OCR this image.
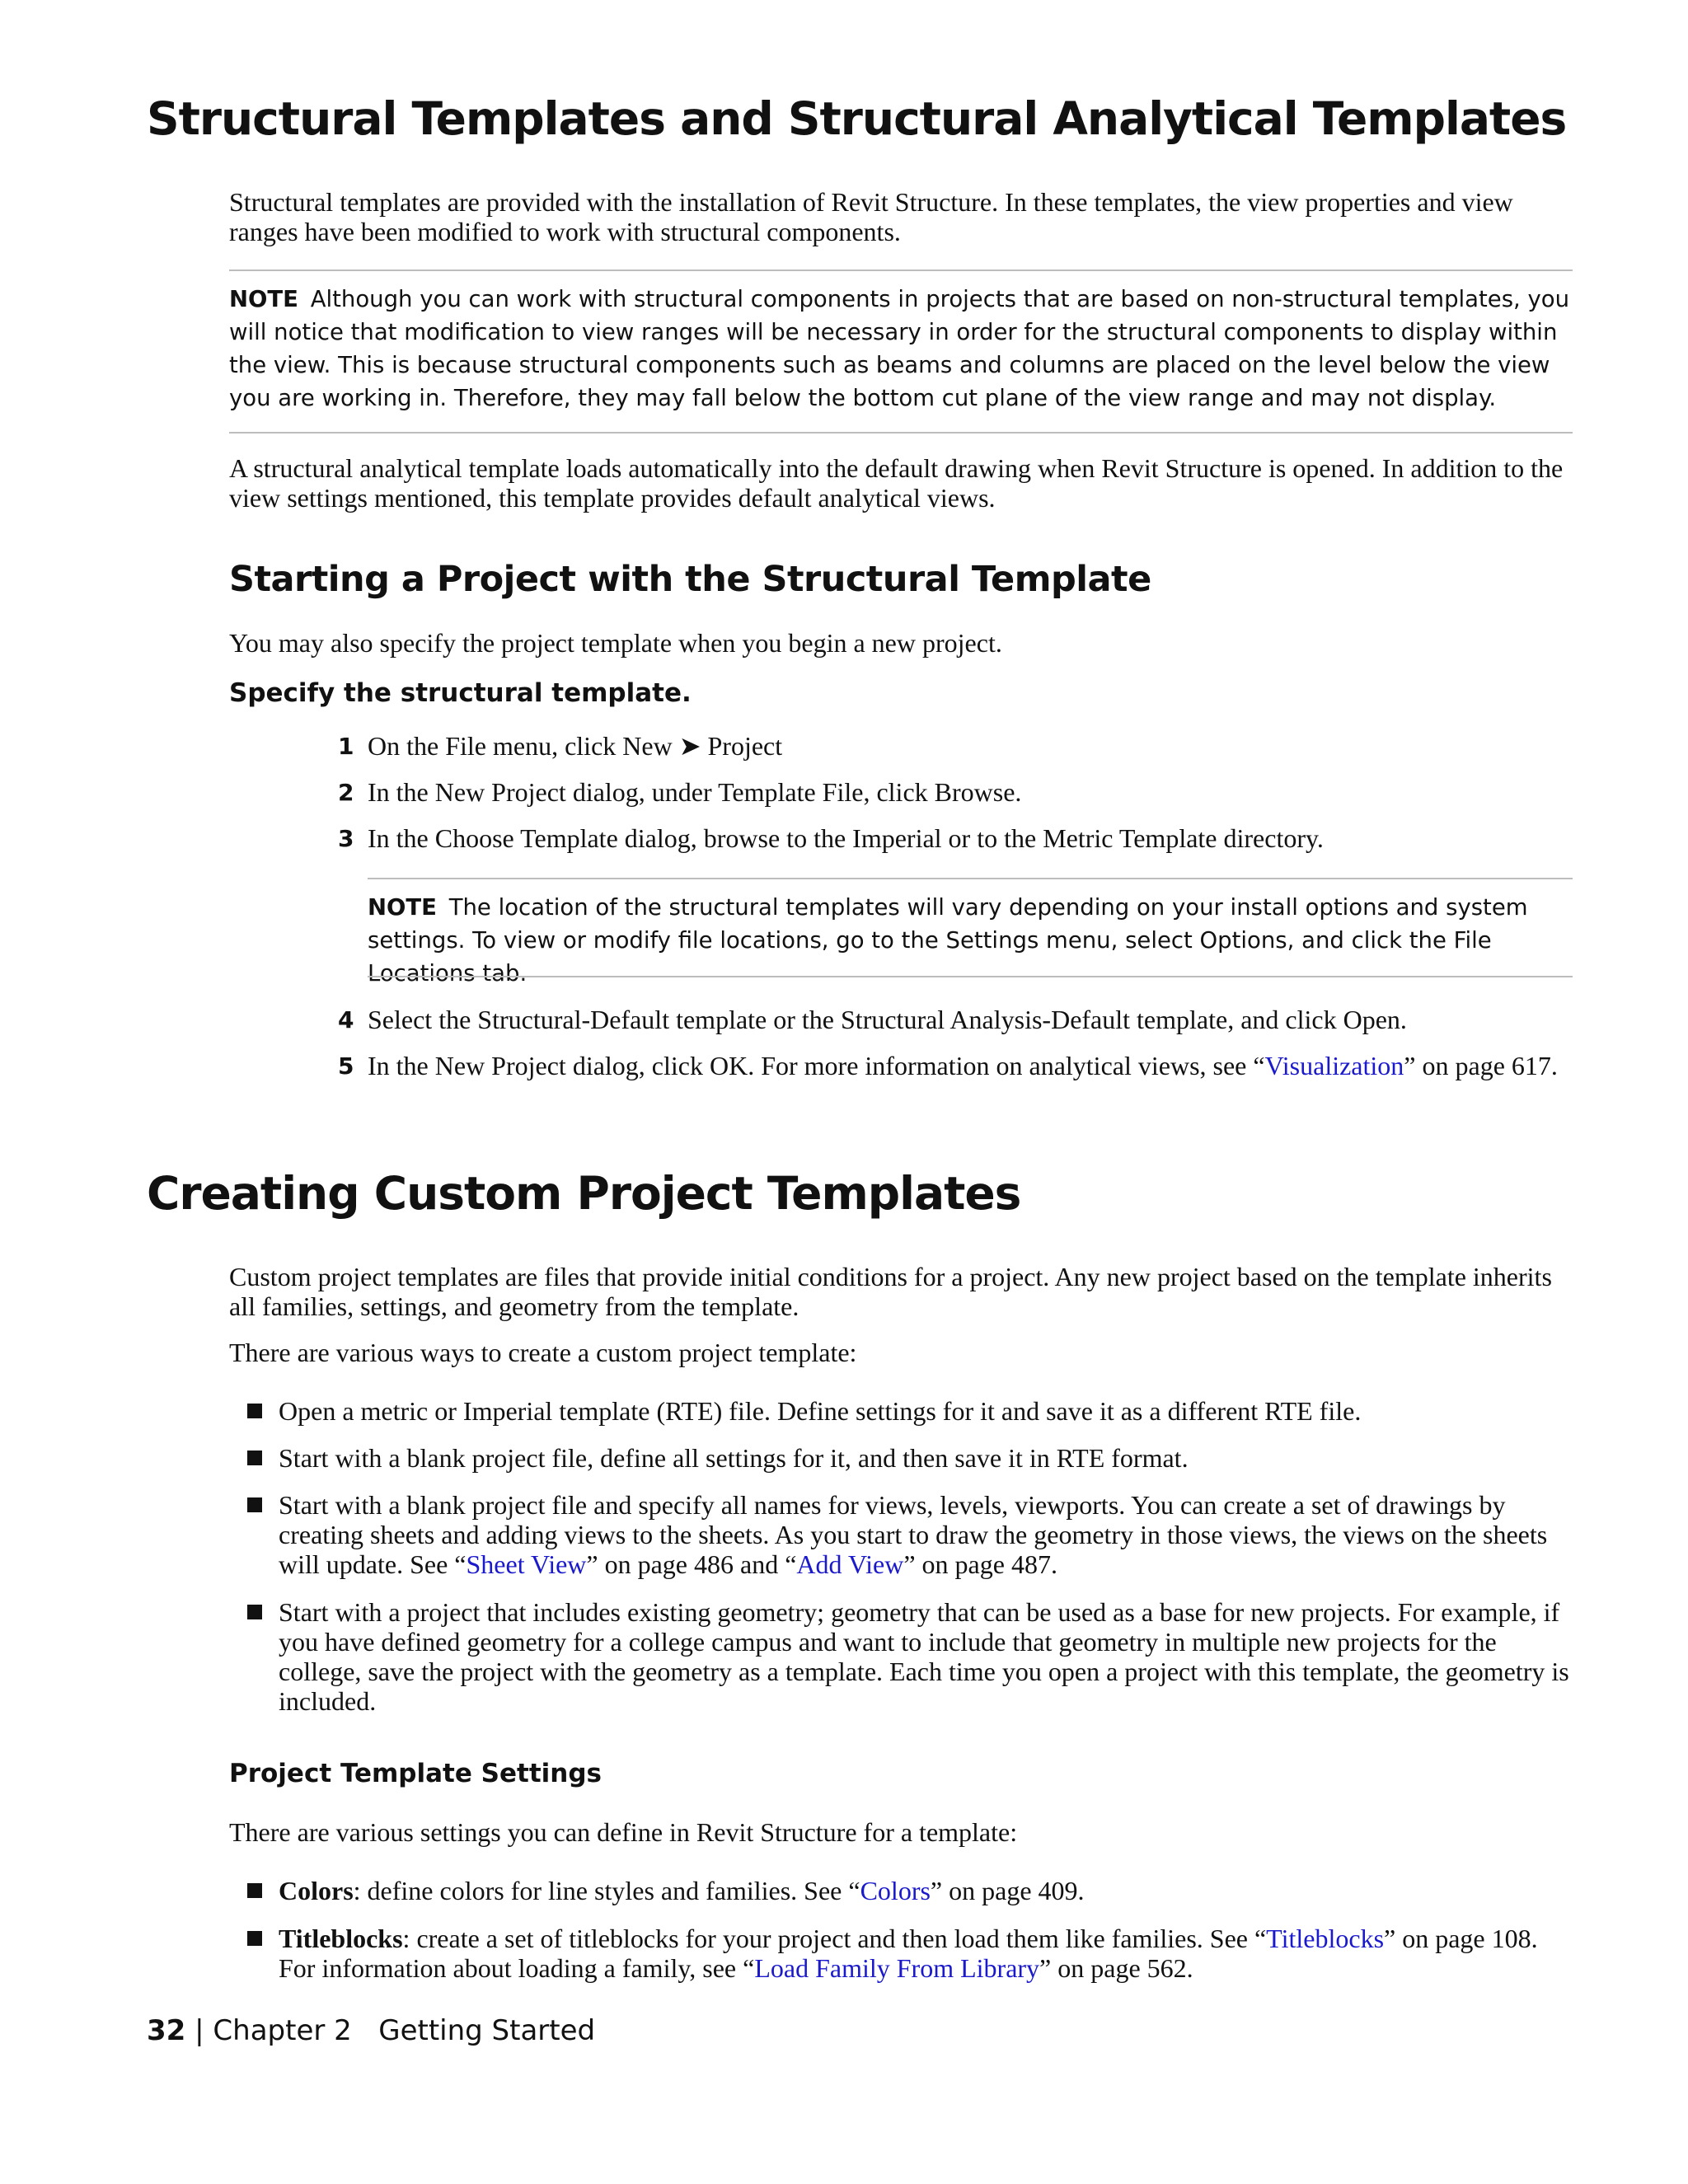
Structural Templates and Structural Analytical Templates

Structural templates are provided with the installation of Revit Structure. In these templates, the view properties and view ranges have been modified to work with structural components.

NOTE Although you can work with structural components in projects that are based on non-structural templates, you will notice that modification to view ranges will be necessary in order for the structural components to display within the view. This is because structural components such as beams and columns are placed on the level below the view you are working in. Therefore, they may fall below the bottom cut plane of the view range and may not display.

A structural analytical template loads automatically into the default drawing when Revit Structure is opened. In addition to the view settings mentioned, this template provides default analytical views.

Starting a Project with the Structural Template

You may also specify the project template when you begin a new project.

Specify the structural template.
1 On the File menu, click New ➤ Project
2 In the New Project dialog, under Template File, click Browse.
3 In the Choose Template dialog, browse to the Imperial or to the Metric Template directory.

NOTE The location of the structural templates will vary depending on your install options and system settings. To view or modify file locations, go to the Settings menu, select Options, and click the File Locations tab.

4 Select the Structural-Default template or the Structural Analysis-Default template, and click Open.
5 In the New Project dialog, click OK. For more information on analytical views, see “Visualization” on page 617.
Creating Custom Project Templates

Custom project templates are files that provide initial conditions for a project. Any new project based on the template inherits all families, settings, and geometry from the template.

There are various ways to create a custom project template:

Open a metric or Imperial template (RTE) file. Define settings for it and save it as a different RTE file.
Start with a blank project file, define all settings for it, and then save it in RTE format.
Start with a blank project file and specify all names for views, levels, viewports. You can create a set of drawings by creating sheets and adding views to the sheets. As you start to draw the geometry in those views, the views on the sheets will update. See “Sheet View” on page 486 and “Add View” on page 487.
Start with a project that includes existing geometry; geometry that can be used as a base for new projects. For example, if you have defined geometry for a college campus and want to include that geometry in multiple new projects for the college, save the project with the geometry as a template. Each time you open a project with this template, the geometry is included.
Project Template Settings

There are various settings you can define in Revit Structure for a template:

Colors: define colors for line styles and families. See “Colors” on page 409.
Titleblocks: create a set of titleblocks for your project and then load them like families. See “Titleblocks” on page 108. For information about loading a family, see “Load Family From Library” on page 562.

32 | Chapter 2 Getting Started
